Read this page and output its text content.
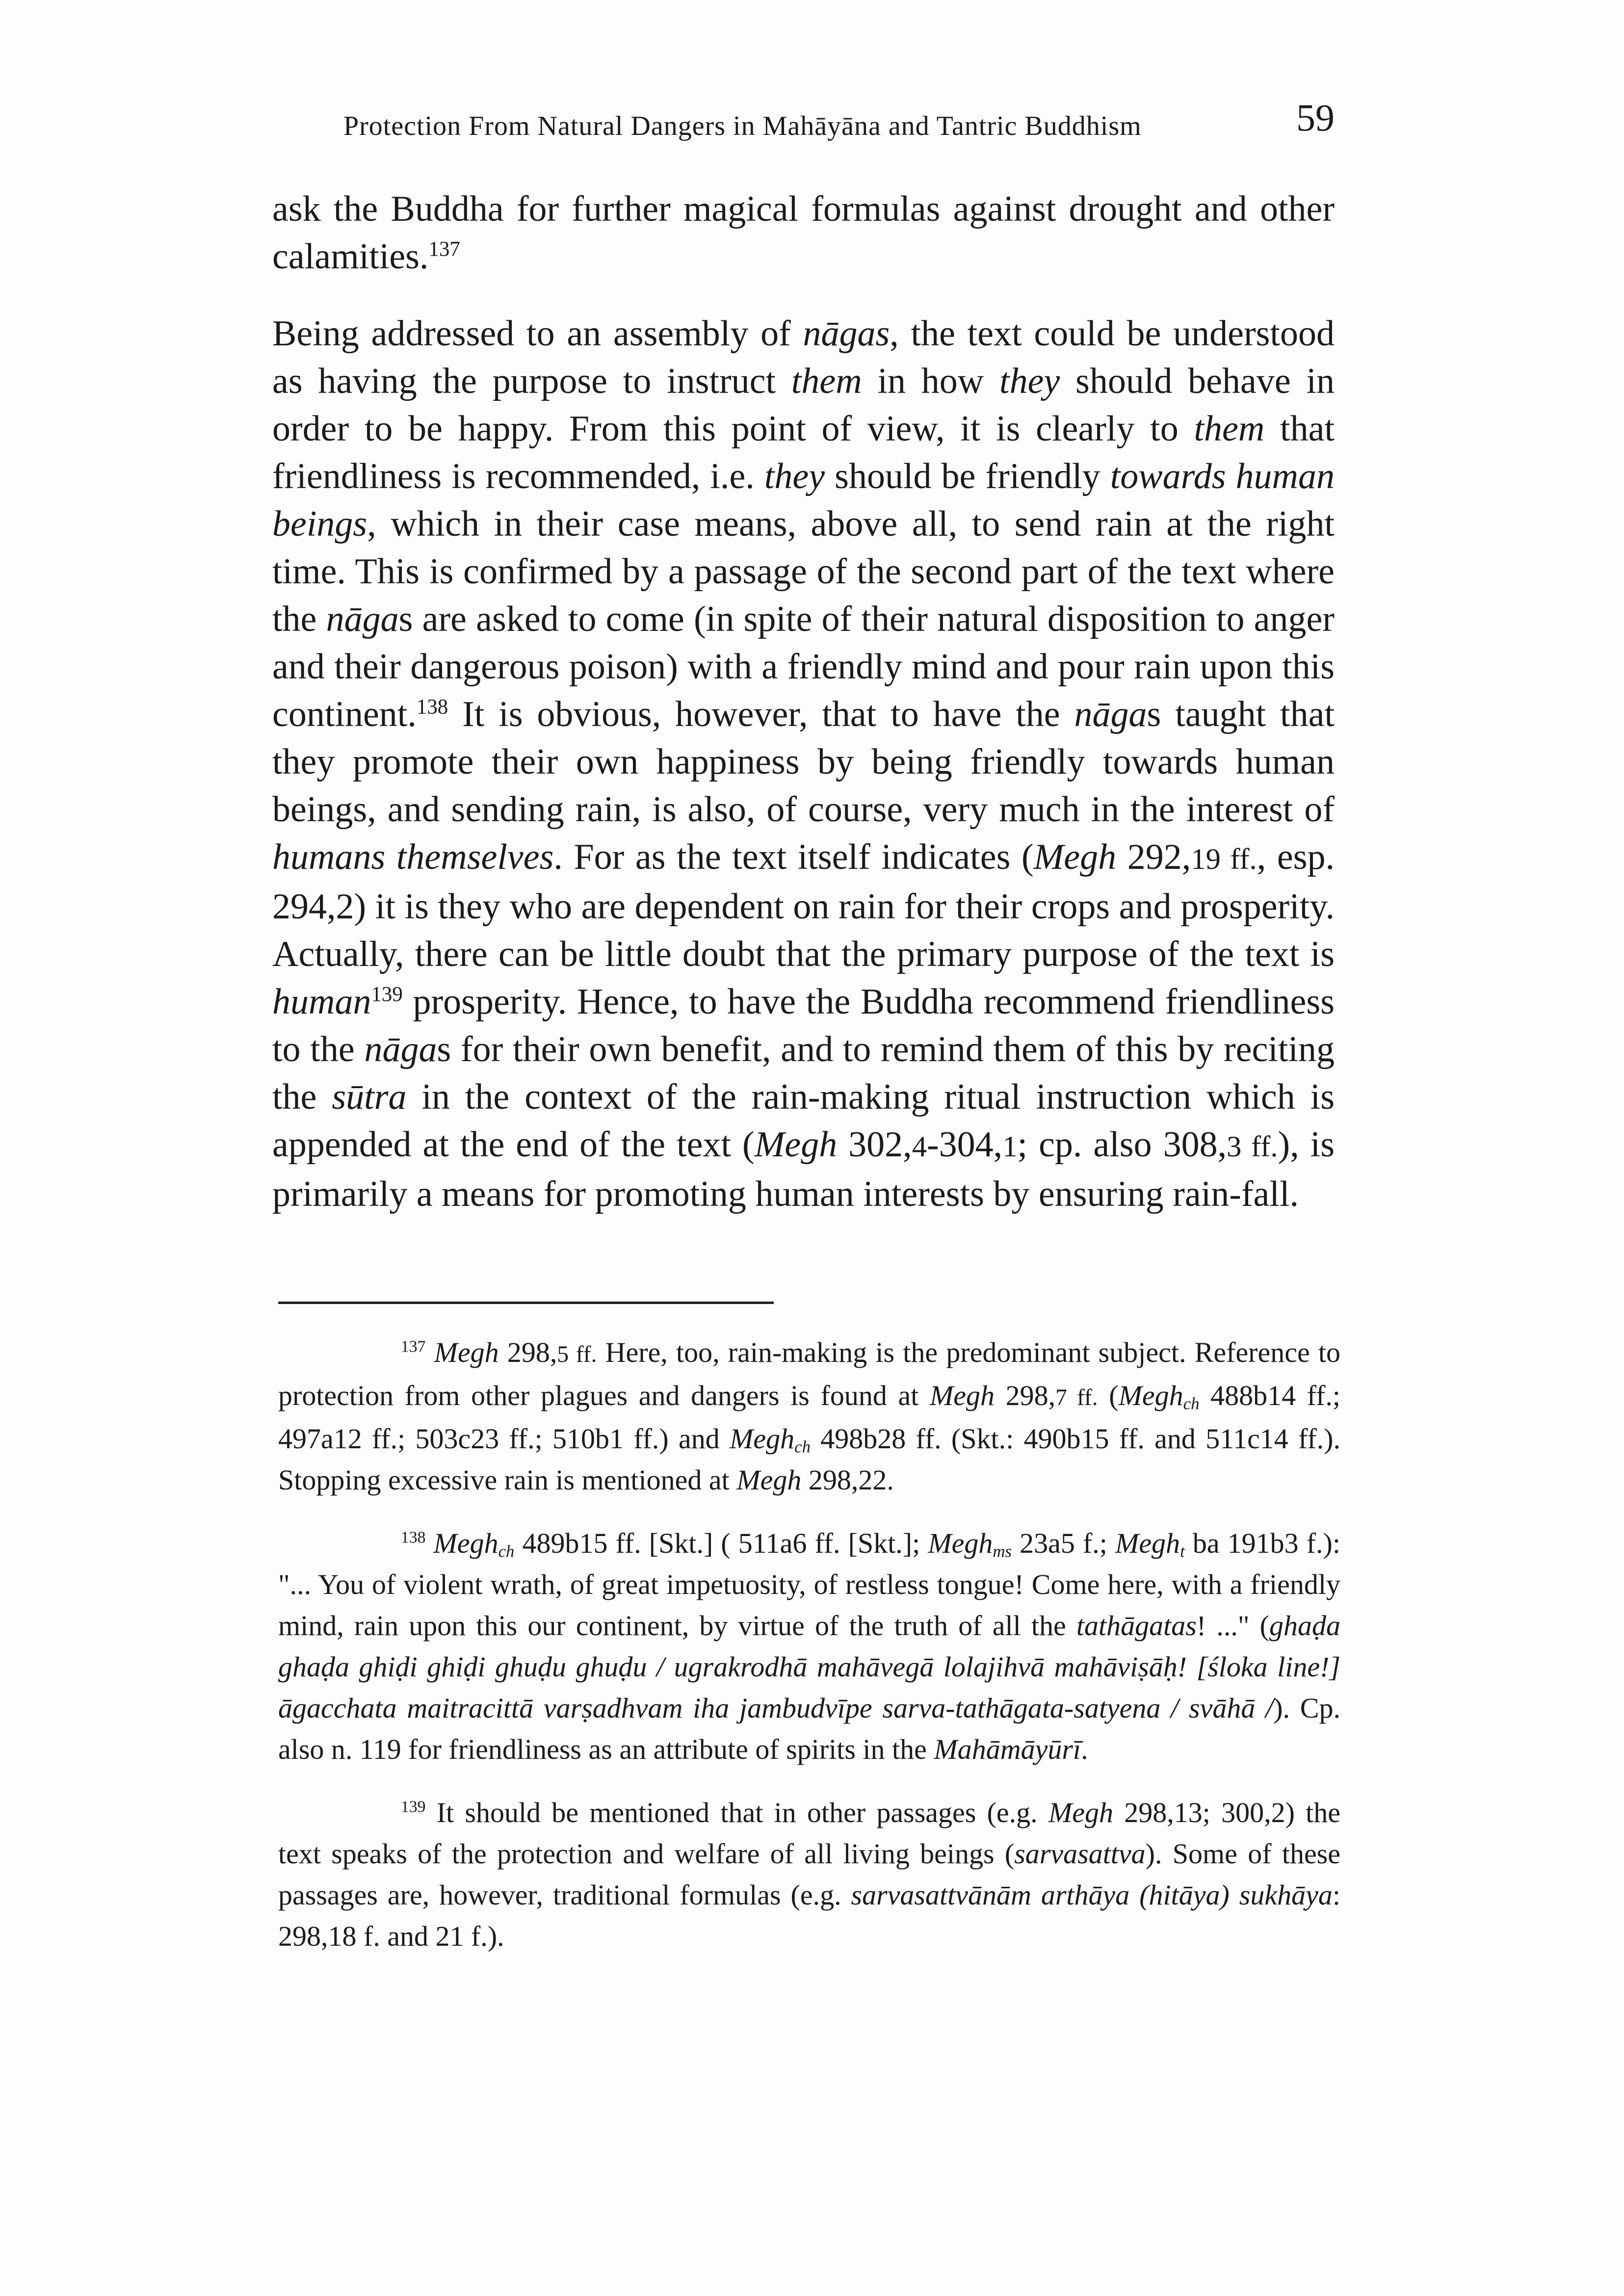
Protection From Natural Dangers in Mahāyāna and Tantric Buddhism	59

ask the Buddha for further magical formulas against drought and other calamities.$^{137}$

Being addressed to an assembly of nāgas, the text could be understood as having the purpose to instruct them in how they should behave in order to be happy. From this point of view, it is clearly to them that friendliness is recommended, i.e. they should be friendly towards human beings, which in their case means, above all, to send rain at the right time. This is confirmed by a passage of the second part of the text where the nāgas are asked to come (in spite of their natural disposition to anger and their dangerous poison) with a friendly mind and pour rain upon this continent.$^{138}$ It is obvious, however, that to have the nāgas taught that they promote their own happiness by being friendly towards human beings, and sending rain, is also, of course, very much in the interest of humans themselves. For as the text itself indicates (Megh 292,19 ff., esp. 294,2) it is they who are dependent on rain for their crops and prosperity. Actually, there can be little doubt that the primary purpose of the text is human$^{139}$ prosperity. Hence, to have the Buddha recommend friendliness to the nāgas for their own benefit, and to remind them of this by reciting the sūtra in the context of the rain-making ritual instruction which is appended at the end of the text (Megh 302,4-304,1; cp. also 308,3 ff.), is primarily a means for promoting human interests by ensuring rain-fall.

$^{137}$ Megh 298,5 ff. Here, too, rain-making is the predominant subject. Reference to protection from other plagues and dangers is found at Megh 298,7 ff. (Megh$_{ch}$ 488b14 ff.; 497a12 ff.; 503c23 ff.; 510b1 ff.) and Megh$_{ch}$ 498b28 ff. (Skt.: 490b15 ff. and 511c14 ff.). Stopping excessive rain is mentioned at Megh 298,22.

$^{138}$ Megh$_{ch}$ 489b15 ff. [Skt.] ( 511a6 ff. [Skt.]; Megh$_{ms}$ 23a5 f.; Megh$_t$ ba 191b3 f.): "... You of violent wrath, of great impetuosity, of restless tongue! Come here, with a friendly mind, rain upon this our continent, by virtue of the truth of all the tathāgatas! ..." (ghaḍa ghaḍa ghiḍi ghiḍi ghuḍu ghuḍu / ugrakrodhā mahāvegā lolajihvā mahāviṣāḥ! [śloka line!] āgacchata maitracittā varṣadhvam iha jambudvīpe sarva-tathāgata-satyena / svāhā /). Cp. also n. 119 for friendliness as an attribute of spirits in the Mahāmāyūrī.

$^{139}$ It should be mentioned that in other passages (e.g. Megh 298,13; 300,2) the text speaks of the protection and welfare of all living beings (sarvasattva). Some of these passages are, however, traditional formulas (e.g. sarvasattvānām arthāya (hitāya) sukhāya: 298,18 f. and 21 f.).
